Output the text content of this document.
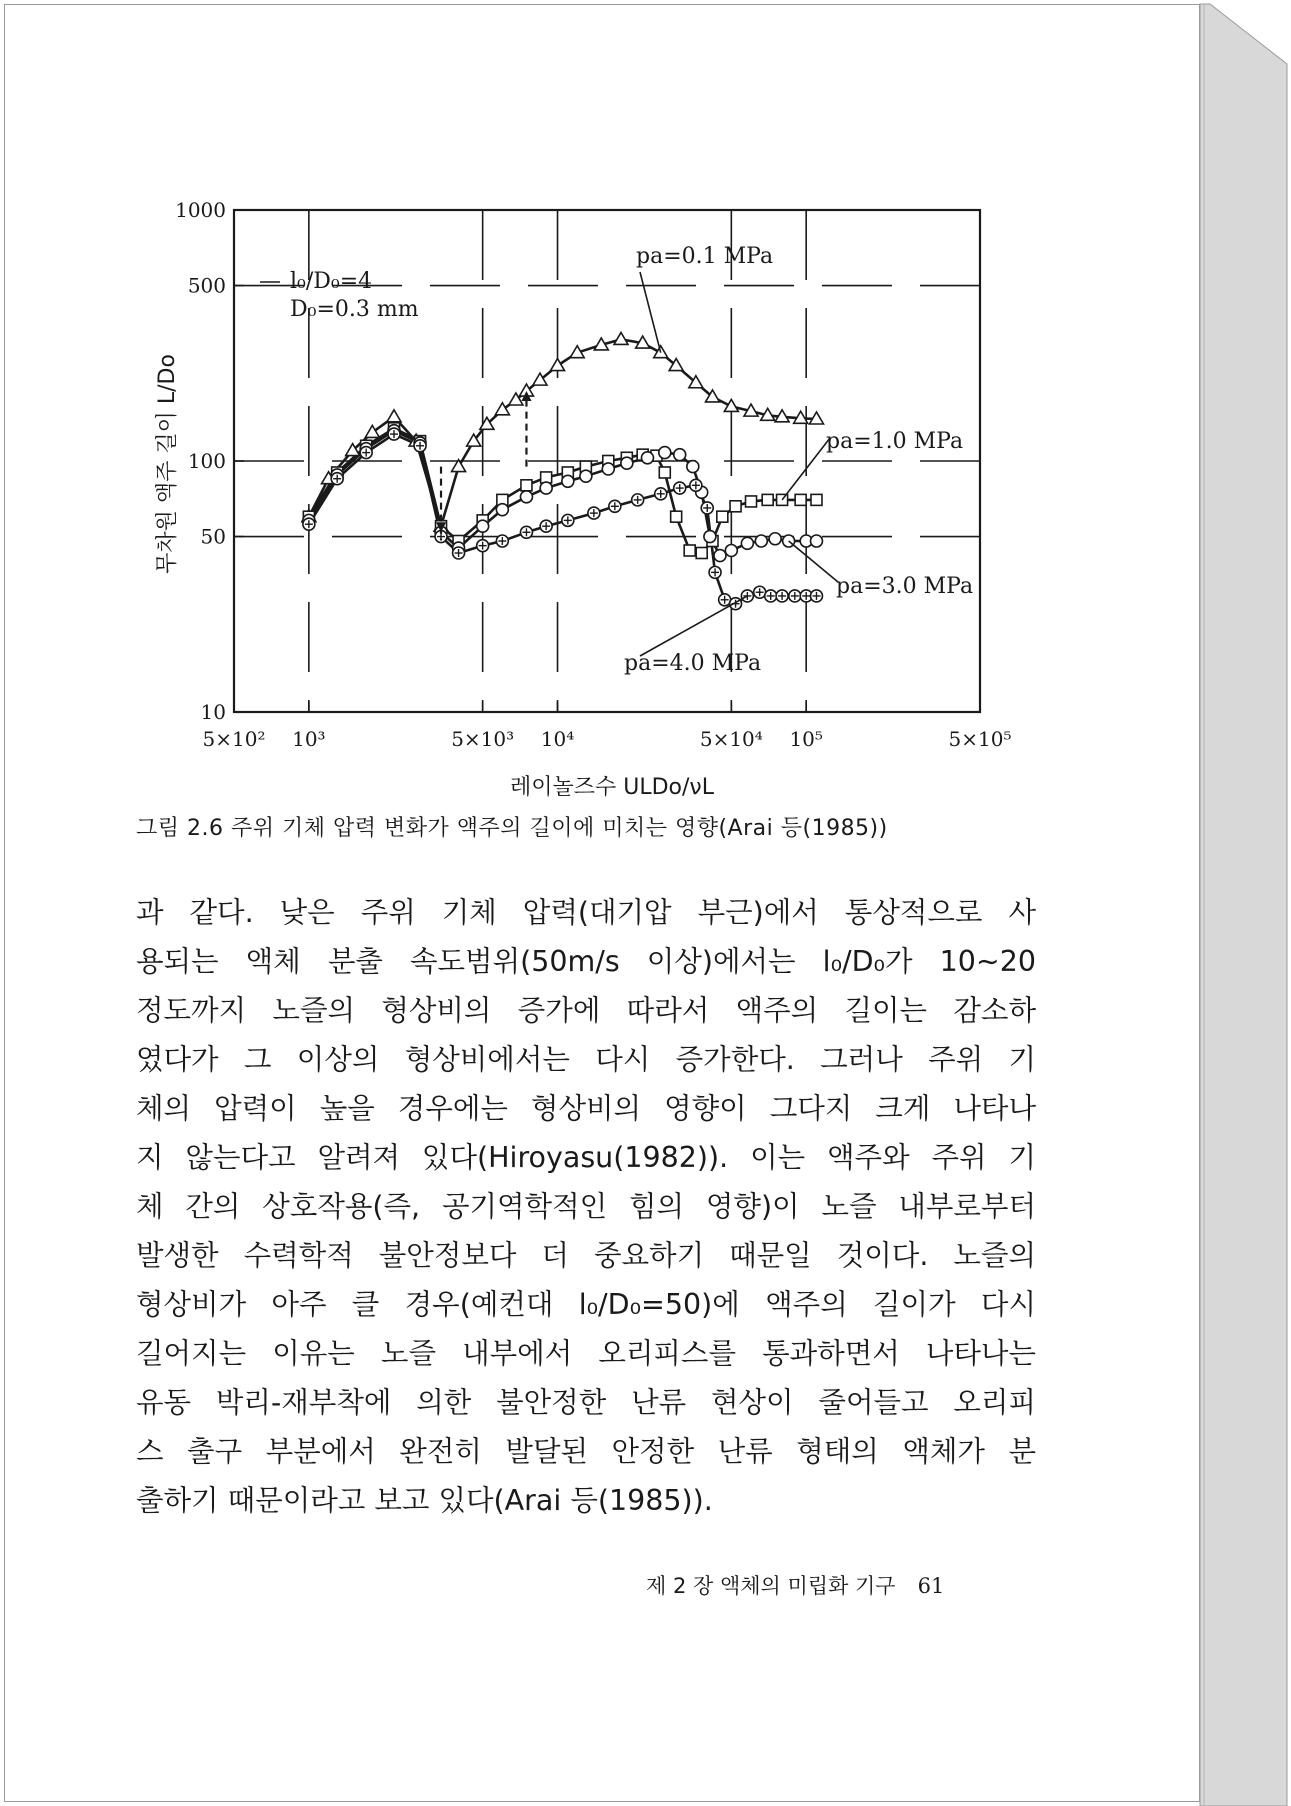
5×10² 10³	5×10³ 10⁴	5×10⁴ 10⁵	5×10⁵
1000
500
100
50
10
l₀/D₀=4
D₀=0.3 mm
pa=0.1 MPa
pa=1.0 MPa
pa=3.0 MPa
pa=4.0 MPa
레이놀즈수 ULDo/νL
무차원 액주 길이 L/Do
그림 2.6 주위 기체 압력 변화가 액주의 길이에 미치는 영향(Arai 등(1985))
과 같다. 낮은 주위 기체 압력(대기압 부근)에서 통상적으로 사
용되는 액체 분출 속도범위(50m/s 이상)에서는 l₀/D₀가 10∼20
정도까지 노즐의 형상비의 증가에 따라서 액주의 길이는 감소하
였다가 그 이상의 형상비에서는 다시 증가한다. 그러나 주위 기
체의 압력이 높을 경우에는 형상비의 영향이 그다지 크게 나타나
지 않는다고 알려져 있다(Hiroyasu(1982)). 이는 액주와 주위 기
체 간의 상호작용(즉, 공기역학적인 힘의 영향)이 노즐 내부로부터
발생한 수력학적 불안정보다 더 중요하기 때문일 것이다. 노즐의
형상비가 아주 클 경우(예컨대 l₀/D₀=50)에 액주의 길이가 다시
길어지는 이유는 노즐 내부에서 오리피스를 통과하면서 나타나는
유동 박리-재부착에 의한 불안정한 난류 현상이 줄어들고 오리피
스 출구 부분에서 완전히 발달된 안정한 난류 형태의 액체가 분
출하기 때문이라고 보고 있다(Arai 등(1985)).
제 2 장 액체의 미립화 기구 61
